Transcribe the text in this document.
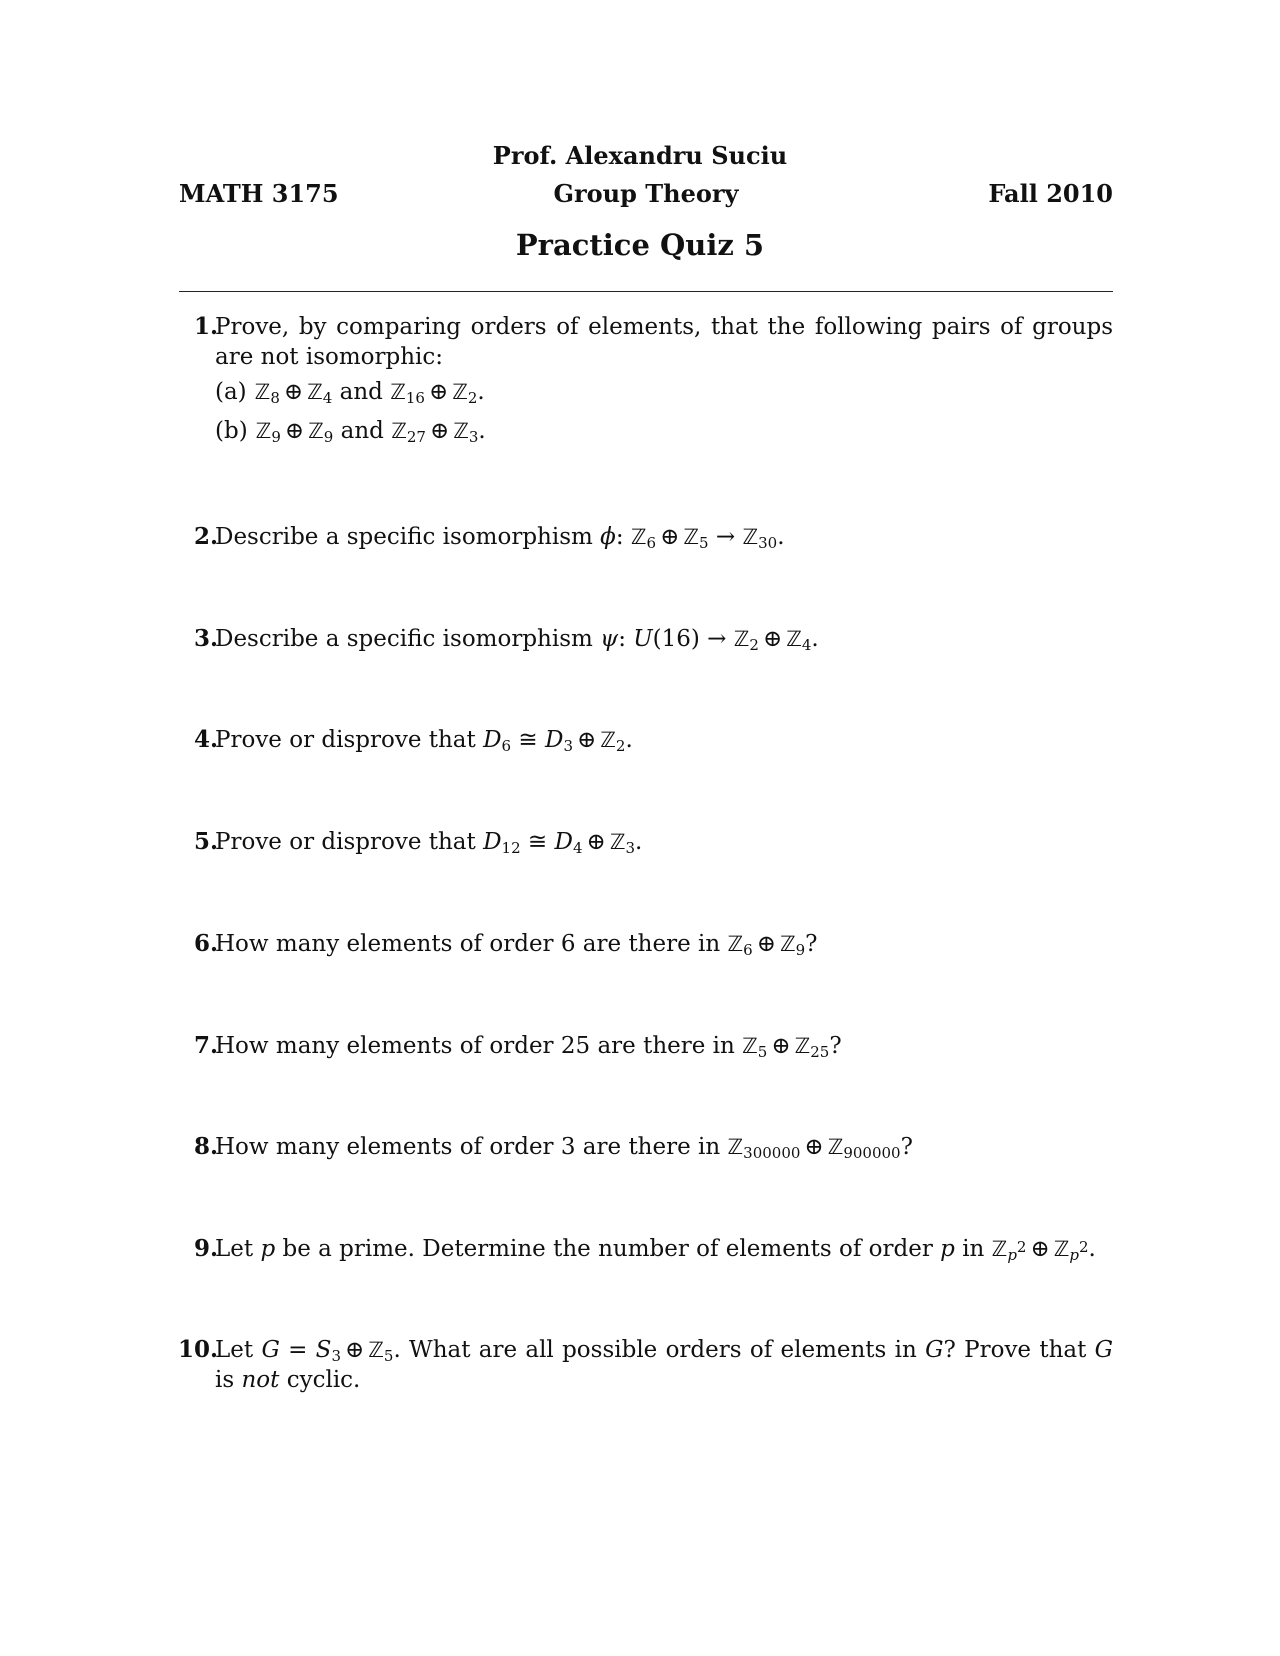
Prof. Alexandru Suciu
MATH 3175	Group Theory	Fall 2010
Practice Quiz 5
1.
Prove, by comparing orders of elements, that the following pairs of groups are not isomorphic:
(a) ℤ$_8$ ⊕ ℤ$_4$ and ℤ$_{16}$ ⊕ ℤ$_2$.
(b) ℤ$_9$ ⊕ ℤ$_9$ and ℤ$_{27}$ ⊕ ℤ$_3$.
2.
Describe a specific isomorphism ϕ: ℤ$_6$ ⊕ ℤ$_5$ → ℤ$_{30}$.
3.
Describe a specific isomorphism ψ: U(16) → ℤ$_2$ ⊕ ℤ$_4$.
4.
Prove or disprove that $D_6$ ≅ $D_3$ ⊕ ℤ$_2$.
5.
Prove or disprove that $D_{12}$ ≅ $D_4$ ⊕ ℤ$_3$.
6.
How many elements of order 6 are there in ℤ$_6$ ⊕ ℤ$_9$?
7.
How many elements of order 25 are there in ℤ$_5$ ⊕ ℤ$_{25}$?
8.
How many elements of order 3 are there in ℤ$_{300000}$ ⊕ ℤ$_{900000}$?
9.
Let p be a prime. Determine the number of elements of order p in ℤ$_{p^2}$ ⊕ ℤ$_{p^2}$.
10.
Let $G = S_3$ ⊕ ℤ$_5$. What are all possible orders of elements in G? Prove that G is not cyclic.
